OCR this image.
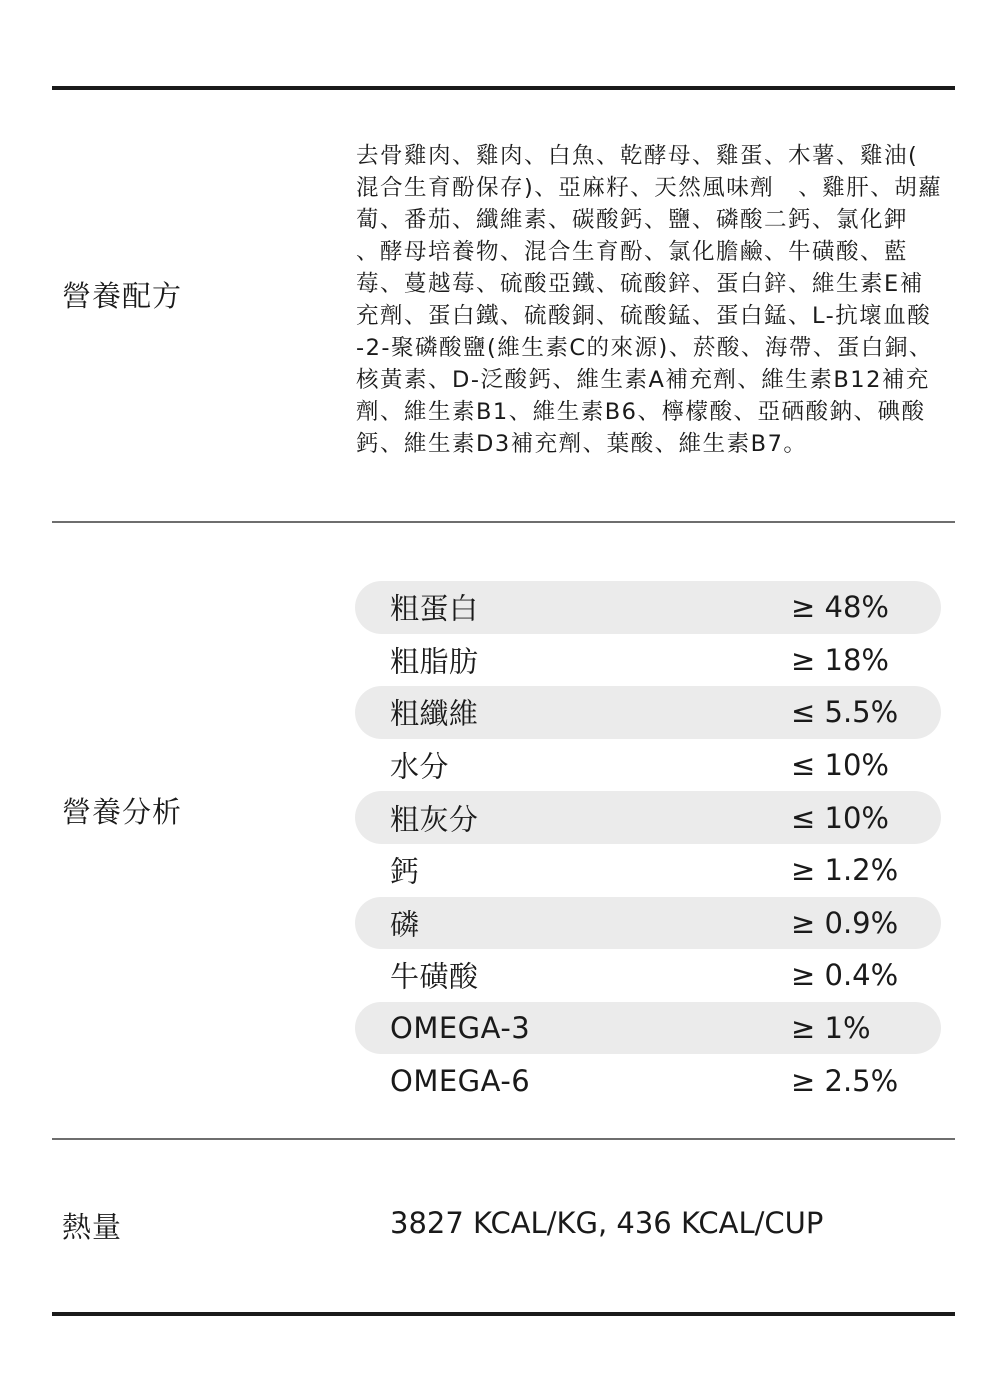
營養配方
去骨雞肉、雞肉、白魚、乾酵母、雞蛋、木薯、雞油(
混合生育酚保存)、亞麻籽、天然風味劑　、雞肝、胡蘿
蔔、番茄、纖維素、碳酸鈣、鹽、磷酸二鈣、氯化鉀
、酵母培養物、混合生育酚、氯化膽鹼、牛磺酸、藍
莓、蔓越莓、硫酸亞鐵、硫酸鋅、蛋白鋅、維生素E補
充劑、蛋白鐵、硫酸銅、硫酸錳、蛋白錳、L-抗壞血酸
-2-聚磷酸鹽(維生素C的來源)、菸酸、海帶、蛋白銅、
核黃素、D-泛酸鈣、維生素A補充劑、維生素B12補充
劑、維生素B1、維生素B6、檸檬酸、亞硒酸鈉、碘酸
鈣、維生素D3補充劑、葉酸、維生素B7。
營養分析
粗蛋白	≥ 48%
粗脂肪	≥ 18%
粗纖維	≤ 5.5%
水分	≤ 10%
粗灰分	≤ 10%
鈣	≥ 1.2%
磷	≥ 0.9%
牛磺酸	≥ 0.4%
OMEGA-3	≥ 1%
OMEGA-6	≥ 2.5%
熱量	3827 KCAL/KG, 436 KCAL/CUP
